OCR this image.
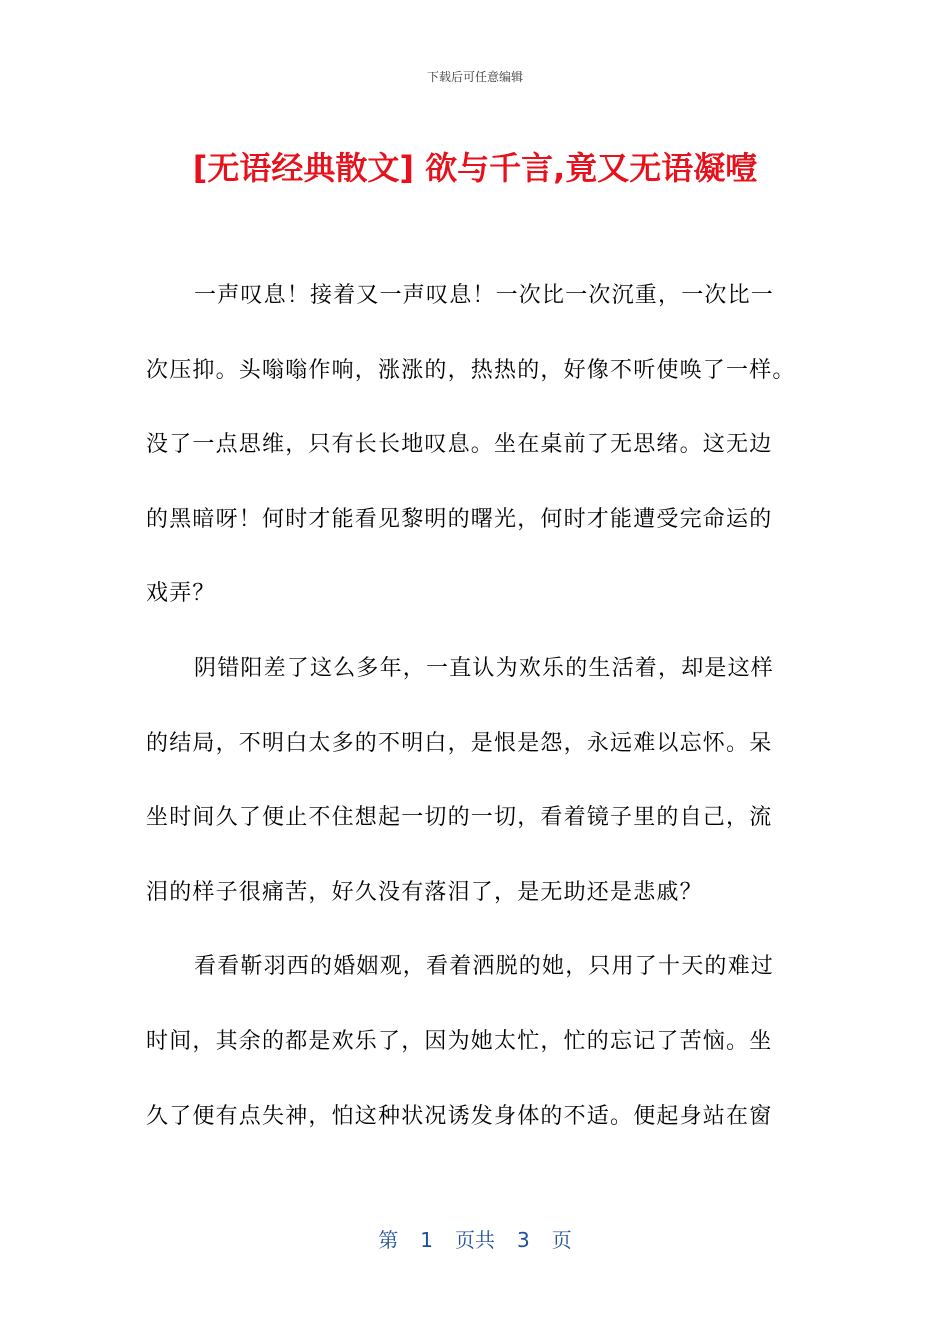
下载后可任意编辑
[无语经典散文] 欲与千言,竟又无语凝噎
一声叹息！接着又一声叹息！一次比一次沉重，一次比一
次压抑。头嗡嗡作响，涨涨的，热热的，好像不听使唤了一样。
没了一点思维，只有长长地叹息。坐在桌前了无思绪。这无边
的黑暗呀！何时才能看见黎明的曙光，何时才能遭受完命运的
戏弄？
阴错阳差了这么多年，一直认为欢乐的生活着，却是这样
的结局，不明白太多的不明白，是恨是怨，永远难以忘怀。呆
坐时间久了便止不住想起一切的一切，看着镜子里的自己，流
泪的样子很痛苦，好久没有落泪了，是无助还是悲戚？
看看靳羽西的婚姻观，看着洒脱的她，只用了十天的难过
时间，其余的都是欢乐了，因为她太忙，忙的忘记了苦恼。坐
久了便有点失神，怕这种状况诱发身体的不适。便起身站在窗
第 1 页共 3 页
